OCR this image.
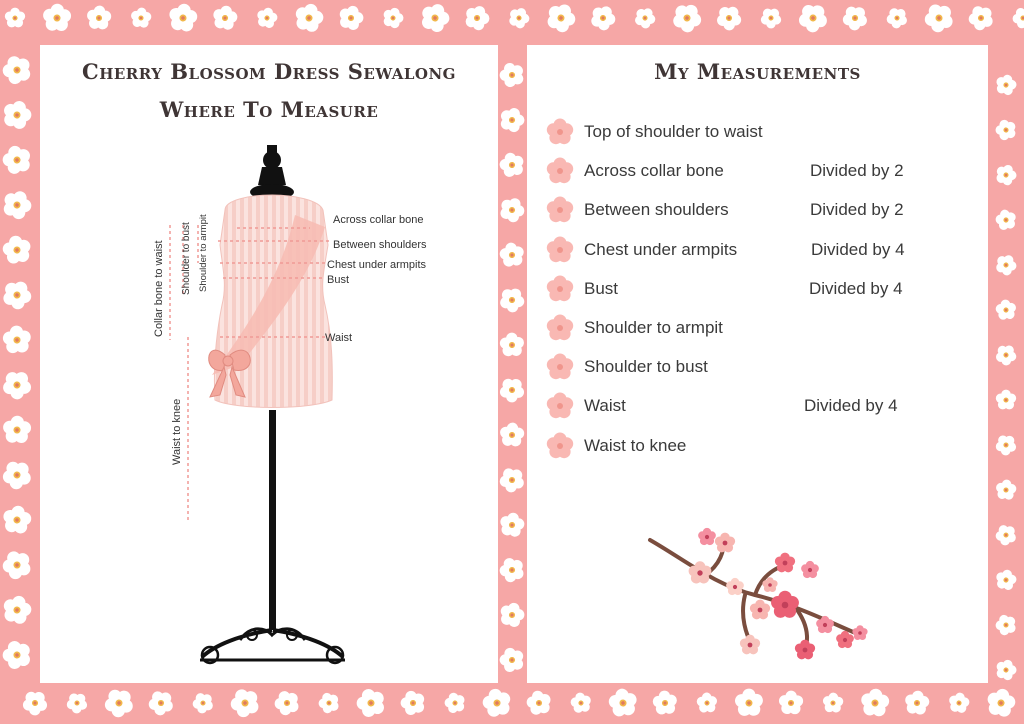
Cherry Blossom Dress Sewalong
Where To Measure
Across collar bone
Between shoulders
Chest under armpits
Bust
Waist
Collar bone to waist Shoulder to bust Shoulder to armpit
Waist to knee
My Measurements
Top of shoulder to waist
Across collar bone	Divided by 2
Between shoulders	Divided by 2
Chest under armpits	Divided by 4
Bust	Divided by 4
Shoulder to armpit
Shoulder to bust
Waist	Divided by 4
Waist to knee
